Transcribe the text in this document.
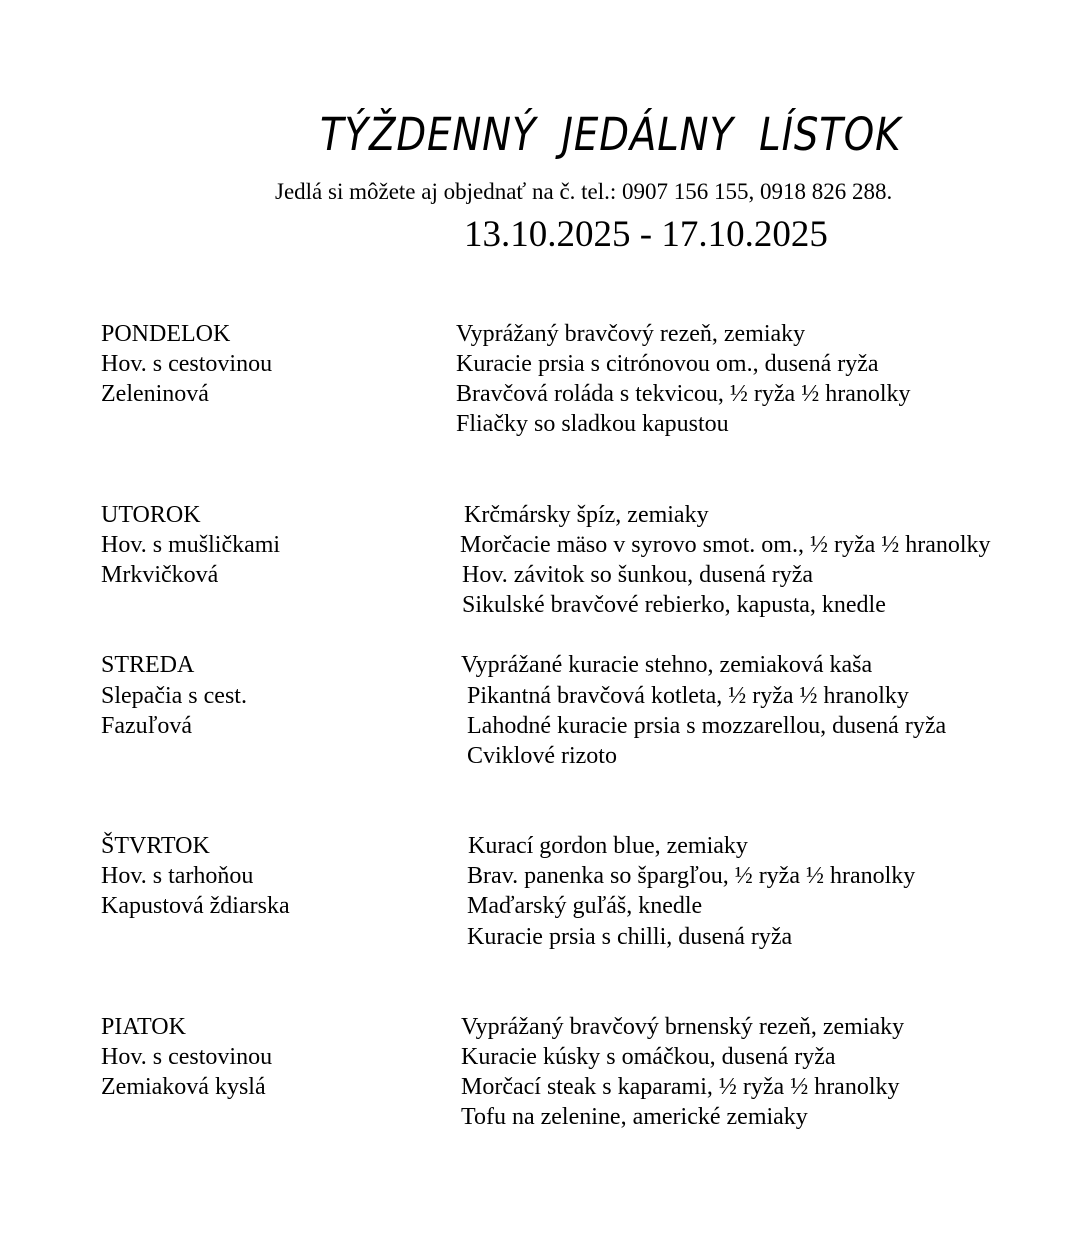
TÝŽDENNÝ JEDÁLNY LÍSTOK
Jedlá si môžete aj objednať na č. tel.: 0907 156 155, 0918 826 288.
13.10.2025 - 17.10.2025
PONDELOK
Hov. s cestovinou
Zeleninová
Vyprážaný bravčový rezeň, zemiaky
Kuracie prsia s citrónovou om., dusená ryža
Bravčová roláda s tekvicou, ½ ryža ½ hranolky
Fliačky so sladkou kapustou
UTOROK
Hov. s mušličkami
Mrkvičková
Krčmársky špíz, zemiaky
Morčacie mäso v syrovo smot. om., ½ ryža ½ hranolky
Hov. závitok so šunkou, dusená ryža
Sikulské bravčové rebierko, kapusta, knedle
STREDA
Slepačia s cest.
Fazuľová
Vyprážané kuracie stehno, zemiaková kaša
Pikantná bravčová kotleta, ½ ryža ½ hranolky
Lahodné kuracie prsia s mozzarellou, dusená ryža
Cviklové rizoto
ŠTVRTOK
Hov. s tarhoňou
Kapustová ždiarska
Kurací gordon blue, zemiaky
Brav. panenka so špargľou, ½ ryža ½ hranolky
Maďarský guľáš, knedle
Kuracie prsia s chilli, dusená ryža
PIATOK
Hov. s cestovinou
Zemiaková kyslá
Vyprážaný bravčový brnenský rezeň, zemiaky
Kuracie kúsky s omáčkou, dusená ryža
Morčací steak s kaparami, ½ ryža ½ hranolky
Tofu na zelenine, americké zemiaky
